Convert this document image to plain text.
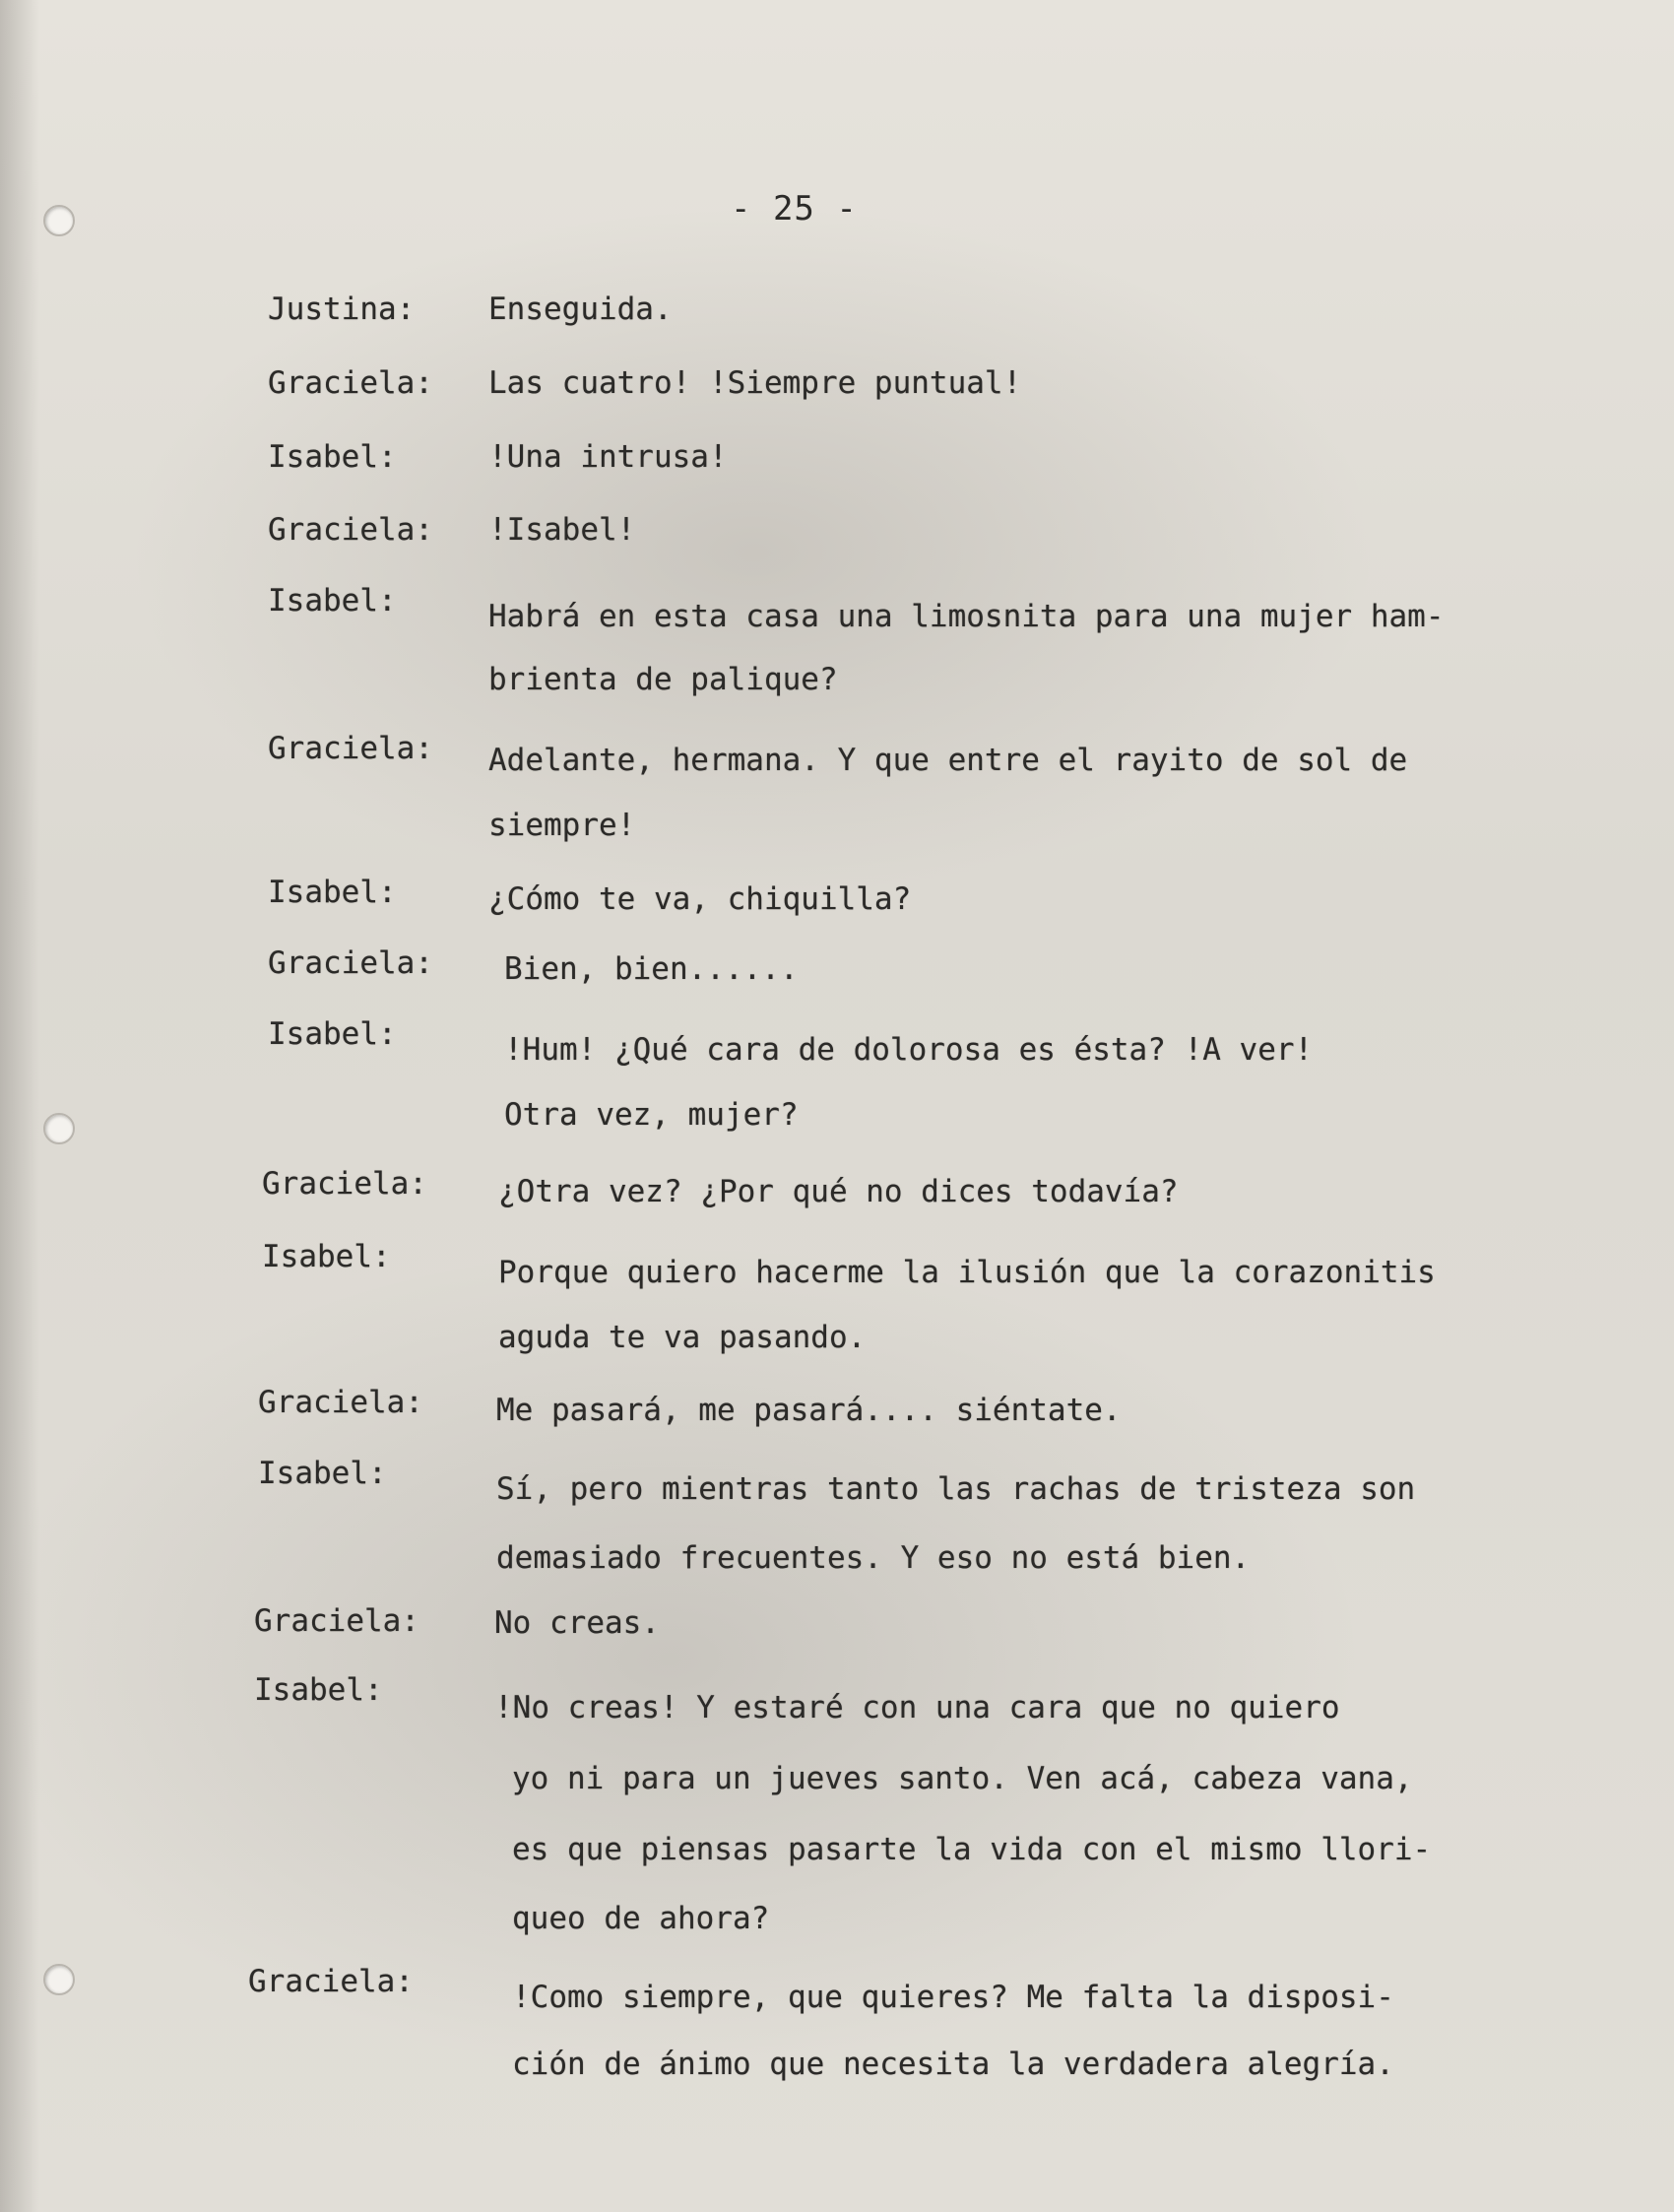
- 25 -
Justina: Enseguida.
Graciela: Las cuatro! !Siempre puntual!
Isabel:	!Una intrusa!
Graciela: !Isabel!
Isabel:	Habrá en esta casa una limosnita para una mujer ham-
brienta de palique?
Graciela: Adelante, hermana. Y que entre el rayito de sol de
siempre!
Isabel:	¿Cómo te va, chiquilla?
Graciela: Bien, bien......
Isabel:	!Hum! ¿Qué cara de dolorosa es ésta? !A ver!
Otra vez, mujer?
Graciela: ¿Otra vez? ¿Por qué no dices todavía?
Isabel:	Porque quiero hacerme la ilusión que la corazonitis
aguda te va pasando.
Graciela: Me pasará, me pasará.... siéntate.
Isabel:	Sí, pero mientras tanto las rachas de tristeza son
demasiado frecuentes. Y eso no está bien.
Graciela: No creas.
Isabel:	!No creas! Y estaré con una cara que no quiero
yo ni para un jueves santo. Ven acá, cabeza vana,
es que piensas pasarte la vida con el mismo llori-
queo de ahora?
Graciela:	!Como siempre, que quieres? Me falta la disposi-
ción de ánimo que necesita la verdadera alegría.
